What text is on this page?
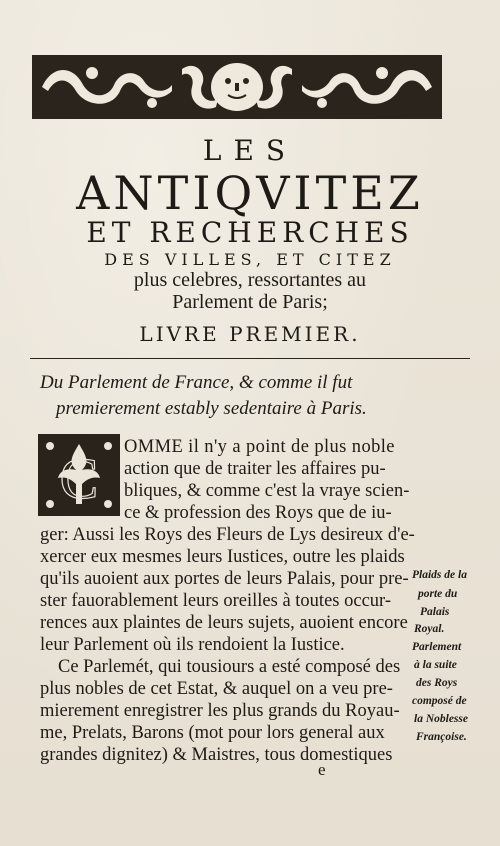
LES
ANTIQVITEZ
ET RECHERCHES
DES VILLES, ET CITEZ
plus celebres, ressortantes au
Parlement de Paris;
LIVRE PREMIER.
Du Parlement de France, & comme il fut
premierement estably sedentaire à Paris.
C OMME il n'y a point de plus noble
action que de traiter les affaires pu-
bliques, & comme c'est la vraye scien-
ce & profession des Roys que de iu-
ger: Aussi les Roys des Fleurs de Lys desireux d'e-
xercer eux mesmes leurs Iustices, outre les plaids
qu'ils auoient aux portes de leurs Palais, pour pre-
ster fauorablement leurs oreilles à toutes occur-
rences aux plaintes de leurs sujets, auoient encore
leur Parlement où ils rendoient la Iustice.
Ce Parlemét, qui tousiours a esté composé des
plus nobles de cet Estat, & auquel on a veu pre-
mierement enregistrer les plus grands du Royau-
me, Prelats, Barons (mot pour lors general aux
grandes dignitez) & Maistres, tous domestiques
Plaids de la
porte du
Palais
Royal.
Parlement
à la suite
des Roys
composé de
la Noblesse
Françoise.
e
